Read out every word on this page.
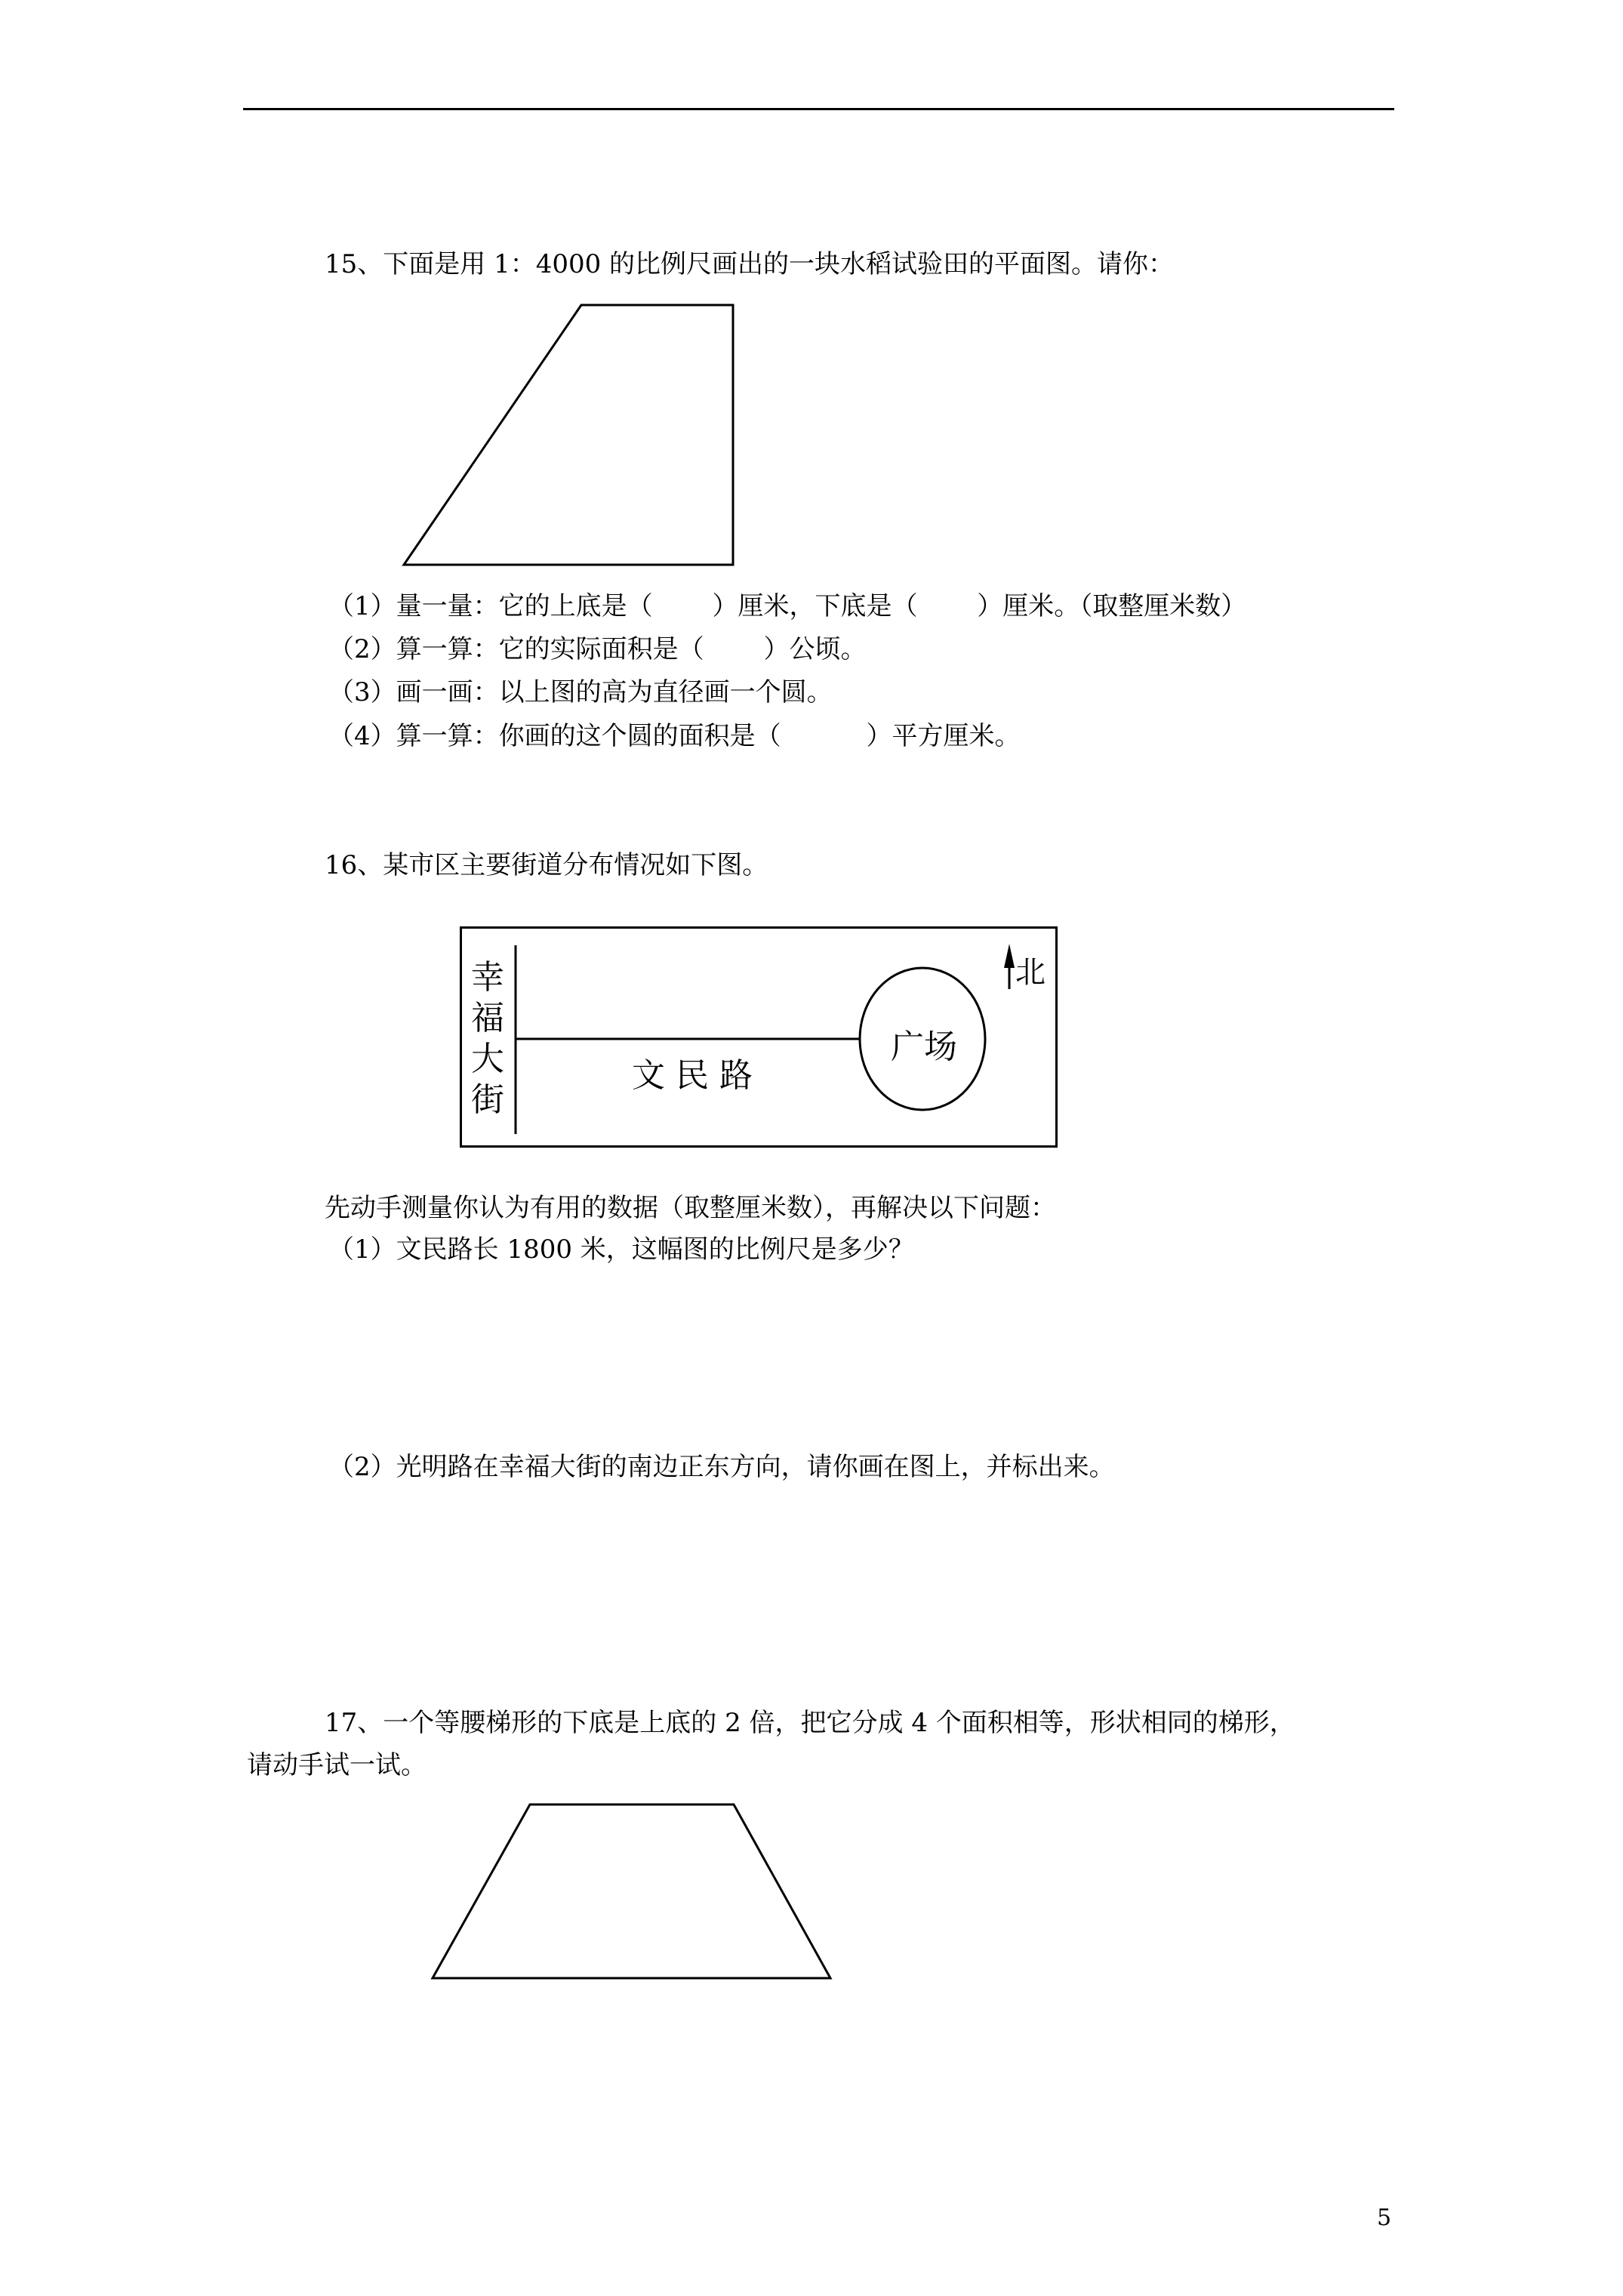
15、下面是用 1：4000 的比例尺画出的一块水稻试验田的平面图。请你：
（1）量一量：它的上底是（　　 ）厘米，下底是（　　 ）厘米。（取整厘米数）
（2）算一算：它的实际面积是（　　 ）公顷。
（3）画一画：以上图的高为直径画一个圆。
（4）算一算：你画的这个圆的面积是（　　　 ）平方厘米。
16、某市区主要街道分布情况如下图。
幸
福
大
街
文民路
广场
北
先动手测量你认为有用的数据（取整厘米数），再解决以下问题：
（1）文民路长 1800 米，这幅图的比例尺是多少？
（2）光明路在幸福大街的南边正东方向，请你画在图上，并标出来。
17、一个等腰梯形的下底是上底的 2 倍，把它分成 4 个面积相等，形状相同的梯形，
请动手试一试。
5
